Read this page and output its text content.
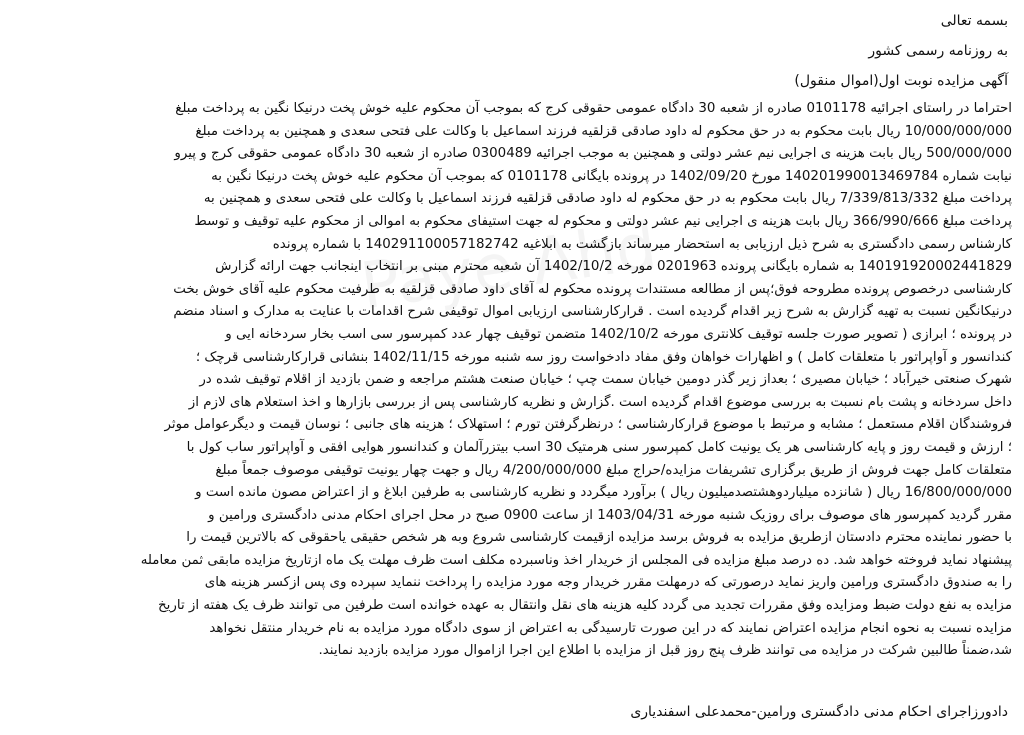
بسمه تعالی
به روزنامه رسمی کشور
آگهی مزایده نوبت اول(اموال منقول)
احتراما در راستای اجرائیه 0101178 صادره از شعبه 30 دادگاه عمومی حقوقی کرج که بموجب آن محکوم علیه خوش پخت درنیکا نگین به پرداخت مبلغ
10/000/000/000 ریال بابت محکوم به در حق محکوم له داود صادقی قزلقیه فرزند اسماعیل با وکالت علی فتحی سعدی و همچنین به پرداخت مبلغ
500/000/000 ریال بابت هزینه ی اجرایی نیم عشر دولتی و همچنین به موجب اجرائیه 0300489 صادره از شعبه 30 دادگاه عمومی حقوقی کرج و پیرو
نیابت شماره 140201990013469784 مورخ 1402/09/20 در پرونده بایگانی 0101178 که بموجب آن محکوم علیه خوش پخت درنیکا نگین به
پرداخت مبلغ 7/339/813/332 ریال بابت محکوم به در حق محکوم له داود صادقی قزلقیه فرزند اسماعیل با وکالت علی فتحی سعدی و همچنین به
پرداخت مبلغ 366/990/666 ریال بابت هزینه ی اجرایی نیم عشر دولتی و محکوم له جهت استیفای محکوم به اموالی از محکوم علیه توقیف و توسط
کارشناس رسمی دادگستری به شرح ذیل ارزیابی به استحضار میرساند بازگشت به ابلاغیه 140291100057182742 با شماره پرونده
140191920002441829 به شماره بایگانی پرونده 0201963 مورخه 1402/10/2 آن شعبه محترم مبنی بر انتخاب اینجانب جهت ارائه گزارش
کارشناسی درخصوص پرونده مطروحه فوق؛پس از مطالعه مستندات پرونده محکوم له آقای داود صادقی قزلقیه به طرفیت محکوم علیه آقای خوش بخت
درنیکانگین نسبت به تهیه گزارش به شرح زیر اقدام گردیده است . قرارکارشناسی ارزیابی اموال توقیفی شرح اقدامات با عنایت به مدارک و اسناد منضم
در پرونده ؛ ابرازی ( تصویر صورت جلسه توقیف کلانتری مورخه 1402/10/2 متضمن توقیف چهار عدد کمپرسور سی اسب بخار سردخانه ایی و
کندانسور و آواپراتور با متعلقات کامل ) و اظهارات خواهان وفق مفاد دادخواست روز سه شنبه مورخه 1402/11/15 بنشانی قرارکارشناسی قرچک ؛
شهرک صنعتی خیرآباد ؛ خیابان مصیری ؛ بعداز زیر گذر دومین خیابان سمت چپ ؛ خیابان صنعت هشتم مراجعه و ضمن بازدید از اقلام توقیف شده در
داخل سردخانه و پشت بام نسبت به بررسی موضوع اقدام گردیده است .گزارش و نظریه کارشناسی پس از بررسی بازارها و اخذ استعلام های لازم از
فروشندگان اقلام مستعمل ؛ مشابه و مرتبط با موضوع قرارکارشناسی ؛ درنظرگرفتن تورم ؛ استهلاک ؛ هزینه های جانبی ؛ نوسان قیمت و دیگرعوامل موثر
؛ ارزش و قیمت روز و پایه کارشناسی هر یک یونیت کامل کمپرسور سنی هرمتیک 30 اسب بیتزرآلمان و کندانسور هوایی افقی و آواپراتور ساب کول با
متعلقات کامل جهت فروش از طریق برگزاری تشریفات مزایده/حراج مبلغ 4/200/000/000 ریال و جهت چهار یونیت توقیفی موصوف جمعاً مبلغ
16/800/000/000 ریال ( شانزده میلیاردوهشتصدمیلیون ریال ) برآورد میگردد و نظریه کارشناسی به طرفین ابلاغ و از اعتراض مصون مانده است و
مقرر گردید کمپرسور های موصوف برای روزیک شنبه مورخه 1403/04/31 از ساعت 0900 صبح در محل اجرای احکام مدنی دادگستری ورامین و
با حضور نماینده محترم دادستان ازطریق مزایده به فروش برسد مزایده ازقیمت کارشناسی شروع وبه هر شخص حقیقی یاحقوقی که بالاترین قیمت را
پیشنهاد نماید فروخته خواهد شد. ده درصد مبلغ مزایده فی المجلس از خریدار اخذ وناسبرده مکلف است ظرف مهلت یک ماه ازتاریخ مزایده مابقی ثمن معامله
را به صندوق دادگستری ورامین واریز نماید درصورتی که درمهلت مقرر خریدار وجه مورد مزایده را پرداخت ننماید سپرده وی پس ازکسر هزینه های
مزایده به نفع دولت ضبط ومزایده وفق مقررات تجدید می گردد کلیه هزینه های نقل وانتقال به عهده خوانده است طرفین می توانند ظرف یک هفته از تاریخ
مزایده نسبت به نحوه انجام مزایده اعتراض نمایند که در این صورت تارسیدگی به اعتراض از سوی دادگاه مورد مزایده به نام خریدار منتقل نخواهد
شد،ضمناً طالبین شرکت در مزایده می توانند ظرف پنج روز قبل از مزایده با اطلاع این اجرا ازاموال مورد مزایده بازدید نمایند.
دادورزاجرای احکام مدنی دادگستری ورامین-محمدعلی اسفندیاری
